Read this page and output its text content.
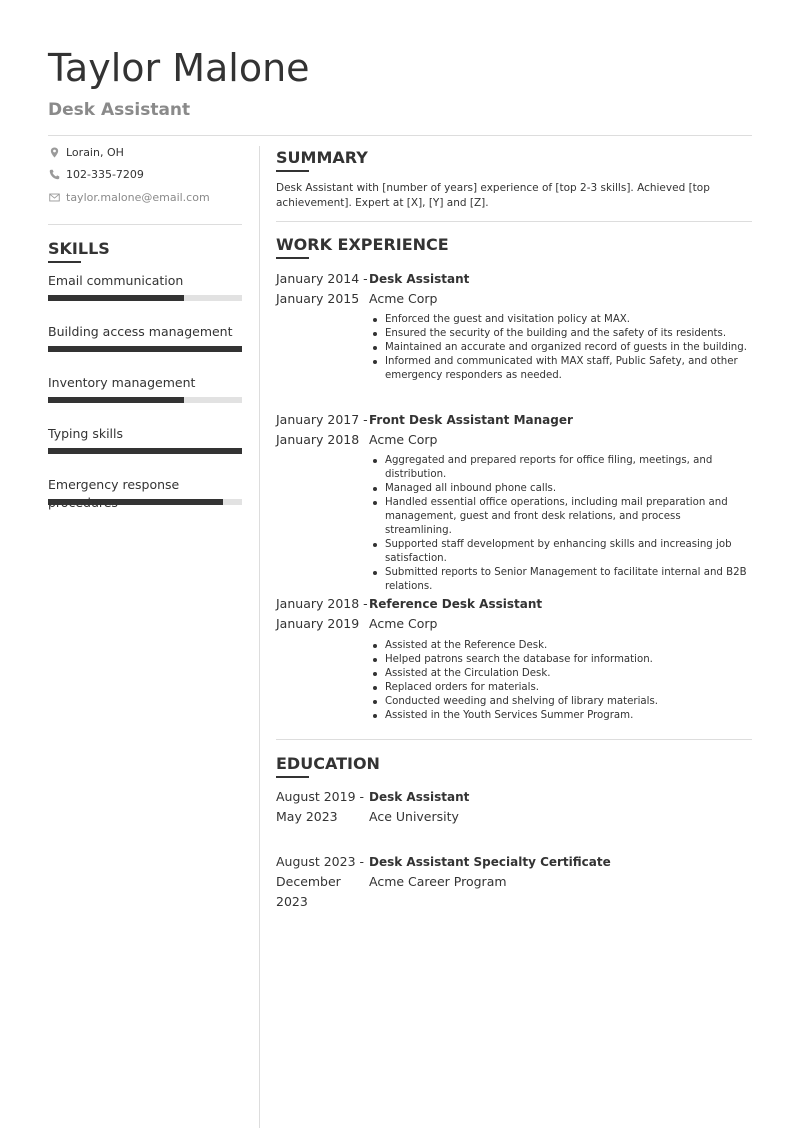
Taylor Malone
Desk Assistant
Lorain, OH
102-335-7209
taylor.malone@email.com
SKILLS
Email communication
Building access management
Inventory management
Typing skills
Emergency response procedures
SUMMARY
Desk Assistant with [number of years] experience of [top 2-3 skills]. Achieved [top achievement]. Expert at [X], [Y] and [Z].
WORK EXPERIENCE
January 2014 -
January 2015
Desk Assistant
Acme Corp
Enforced the guest and visitation policy at MAX.
Ensured the security of the building and the safety of its residents.
Maintained an accurate and organized record of guests in the building.
Informed and communicated with MAX staff, Public Safety, and other emergency responders as needed.
January 2017 -
January 2018
Front Desk Assistant Manager
Acme Corp
Aggregated and prepared reports for office filing, meetings, and distribution.
Managed all inbound phone calls.
Handled essential office operations, including mail preparation and management, guest and front desk relations, and process streamlining.
Supported staff development by enhancing skills and increasing job satisfaction.
Submitted reports to Senior Management to facilitate internal and B2B relations.
January 2018 -
January 2019
Reference Desk Assistant
Acme Corp
Assisted at the Reference Desk.
Helped patrons search the database for information.
Assisted at the Circulation Desk.
Replaced orders for materials.
Conducted weeding and shelving of library materials.
Assisted in the Youth Services Summer Program.
EDUCATION
August 2019 -
May 2023
Desk Assistant
Ace University
August 2023 -
December 2023
Desk Assistant Specialty Certificate
Acme Career Program
